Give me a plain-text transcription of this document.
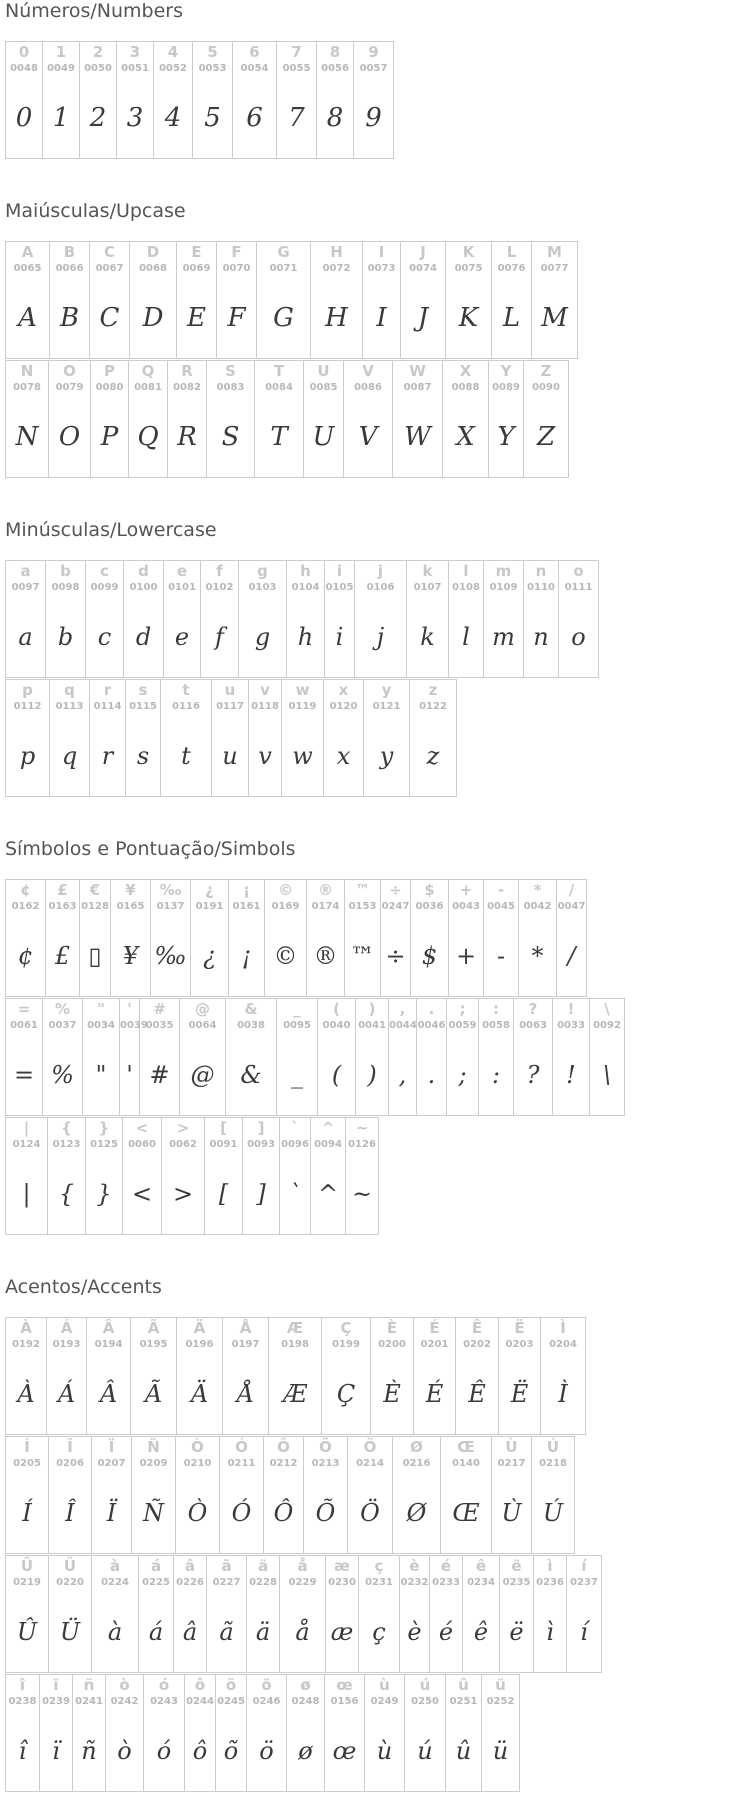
Números/Numbers
0
0048
0
1
0049
1
2
0050
2
3
0051
3
4
0052
4
5
0053
5
6
0054
6
7
0055
7
8
0056
8
9
0057
9
Maiúsculas/Upcase
A
0065
A
B
0066
B
C
0067
C
D
0068
D
E
0069
E
F
0070
F
G
0071
G
H
0072
H
I
0073
I
J
0074
J
K
0075
K
L
0076
L
M
0077
M
N
0078
N
O
0079
O
P
0080
P
Q
0081
Q
R
0082
R
S
0083
S
T
0084
T
U
0085
U
V
0086
V
W
0087
W
X
0088
X
Y
0089
Y
Z
0090
Z
Minúsculas/Lowercase
a
0097
a
b
0098
b
c
0099
c
d
0100
d
e
0101
e
f
0102
f
g
0103
g
h
0104
h
i
0105
i
j
0106
j
k
0107
k
l
0108
l
m
0109
m
n
0110
n
o
0111
o
p
0112
p
q
0113
q
r
0114
r
s
0115
s
t
0116
t
u
0117
u
v
0118
v
w
0119
w
x
0120
x
y
0121
y
z
0122
z
Símbolos e Pontuação/Simbols
¢
0162
¢
£
0163
£
€
0128
▯
¥
0165
¥
‰
0137
‰
¿
0191
¿
¡
0161
¡
©
0169
©
®
0174
®
™
0153
™
÷
0247
÷
$
0036
$
+
0043
+
-
0045
-
*
0042
*
/
0047
/
=
0061
=
%
0037
%
"
0034
"
'
0039
'
#
0035
#
@
0064
@
&
0038
&
_
0095
_
(
0040
(
)
0041
)
,
0044
,
.
0046
.
;
0059
;
:
0058
:
?
0063
?
!
0033
!
\
0092
\
|
0124
|
{
0123
{
}
0125
}
<
0060
<
>
0062
>
[
0091
[
]
0093
]
`
0096
`
^
0094
^
~
0126
~
Acentos/Accents
À
0192
À
Á
0193
Á
Â
0194
Â
Ã
0195
Ã
Ä
0196
Ä
Å
0197
Å
Æ
0198
Æ
Ç
0199
Ç
È
0200
È
É
0201
É
Ê
0202
Ê
Ë
0203
Ë
Ì
0204
Ì
Í
0205
Í
Î
0206
Î
Ï
0207
Ï
Ñ
0209
Ñ
Ò
0210
Ò
Ó
0211
Ó
Ô
0212
Ô
Õ
0213
Õ
Ö
0214
Ö
Ø
0216
Ø
Œ
0140
Œ
Ù
0217
Ù
Ú
0218
Ú
Û
0219
Û
Ü
0220
Ü
à
0224
à
á
0225
á
â
0226
â
ã
0227
ã
ä
0228
ä
å
0229
å
æ
0230
æ
ç
0231
ç
è
0232
è
é
0233
é
ê
0234
ê
ë
0235
ë
ì
0236
ì
í
0237
í
î
0238
î
ï
0239
ï
ñ
0241
ñ
ò
0242
ò
ó
0243
ó
ô
0244
ô
õ
0245
õ
ö
0246
ö
ø
0248
ø
œ
0156
œ
ù
0249
ù
ú
0250
ú
û
0251
û
ü
0252
ü
